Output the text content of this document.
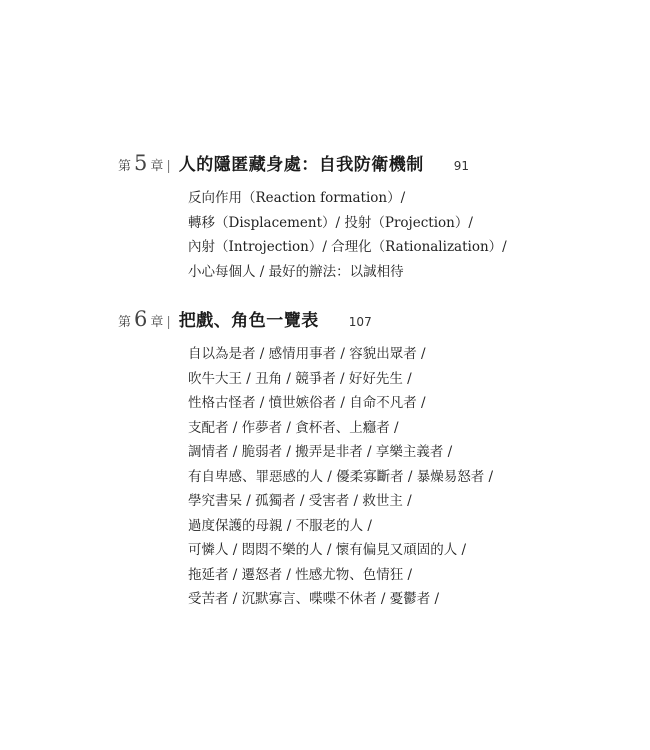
第 5 章 | 人的隱匿藏身處：自我防衛機制	91
反向作用（Reaction formation）/
轉移（Displacement）/ 投射（Projection）/
內射（Introjection）/ 合理化（Rationalization）/
小心每個人 / 最好的辦法：以誠相待
第 6 章 | 把戲、角色一覽表	107
自以為是者 / 感情用事者 / 容貌出眾者 /
吹牛大王 / 丑角 / 競爭者 / 好好先生 /
性格古怪者 / 憤世嫉俗者 / 自命不凡者 /
支配者 / 作夢者 / 貪杯者、上癮者 /
調情者 / 脆弱者 / 搬弄是非者 / 享樂主義者 /
有自卑感、罪惡感的人 / 優柔寡斷者 / 暴燥易怒者 /
學究書呆 / 孤獨者 / 受害者 / 救世主 /
過度保護的母親 / 不服老的人 /
可憐人 / 悶悶不樂的人 / 懷有偏見又頑固的人 /
拖延者 / 遷怒者 / 性感尤物、色情狂 /
受苦者 / 沉默寡言、喋喋不休者 / 憂鬱者 /
